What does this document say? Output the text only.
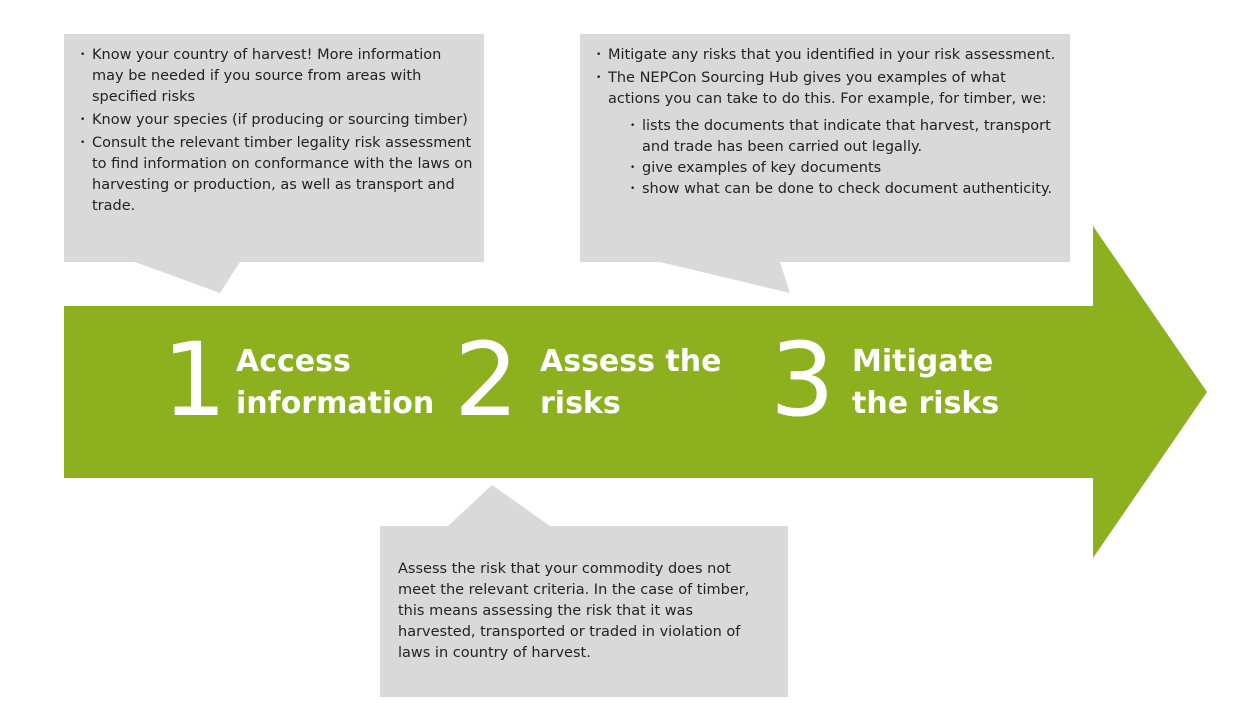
• Know your country of harvest! More information may be needed if you source from areas with specified risks
• Know your species (if producing or sourcing timber)
• Consult the relevant timber legality risk assessment to find information on conformance with the laws on harvesting or production, as well as transport and trade.
• Mitigate any risks that you identified in your risk assessment.
• The NEPCon Sourcing Hub gives you examples of what actions you can take to do this. For example, for timber, we:
• lists the documents that indicate that harvest, transport and trade has been carried out legally.
• give examples of key documents
• show what can be done to check document authenticity.
Assess the risk that your commodity does not meet the relevant criteria. In the case of timber, this means assessing the risk that it was harvested, transported or traded in violation of laws in country of harvest.
1 Access
information 2 Assess the
risks	3 Mitigate
the risks
